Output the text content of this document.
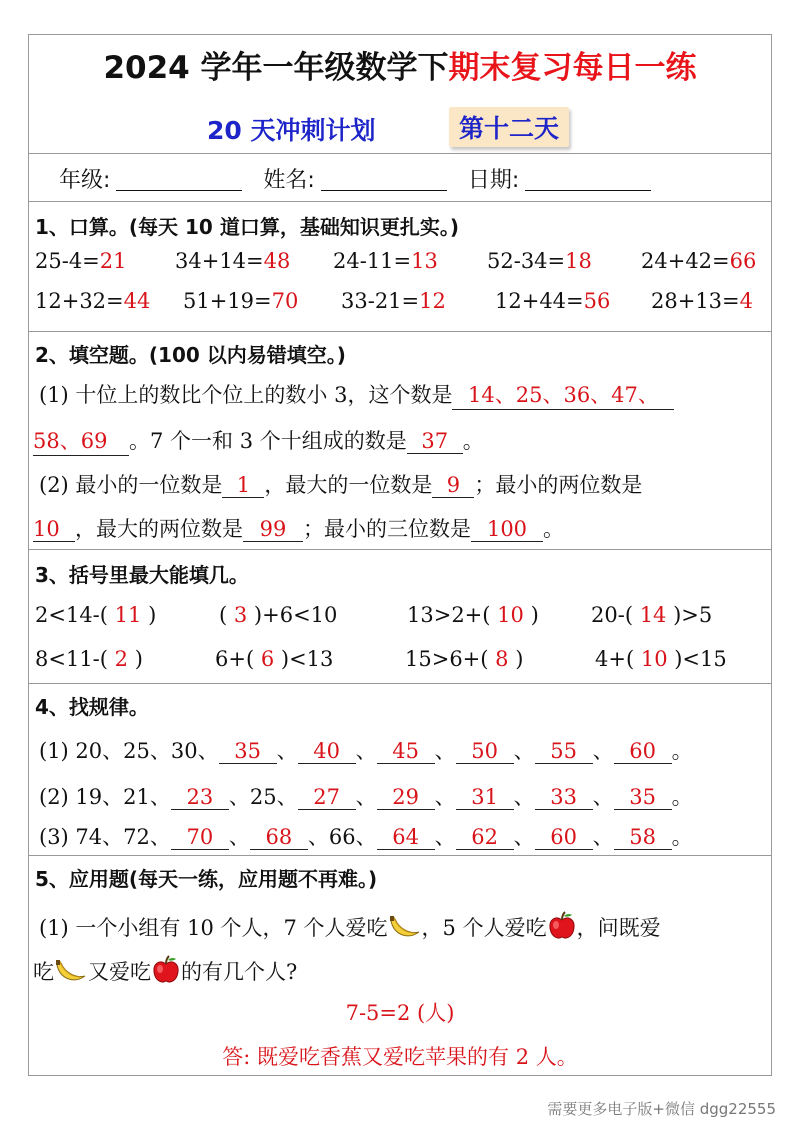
2024 学年一年级数学下期末复习每日一练
20 天冲刺计划	第十二天
年级:	姓名:	日期:
1、口算。(每天 10 道口算，基础知识更扎实。)
25-4=21 34+14=48 24-11=13 52-34=18 24+42=66
12+32=44 51+19=70 33-21=12 12+44=56 28+13=4
2、填空题。(100 以内易错填空。)
(1) 十位上的数比个位上的数小 3，这个数是 14、25、36、47、
58、69 。7 个一和 3 个十组成的数是 37 。
(2) 最小的一位数是 1 ，最大的一位数是 9 ；最小的两位数是
10 ，最大的两位数是 99 ；最小的三位数是 100 。
3、括号里最大能填几。
2<14-( 11 )	( 3 )+6<10	13>2+( 10 ) 20-( 14 )>5
8<11-( 2 )	6+( 6 )<13	15>6+( 8 )	4+( 10 )<15
4、找规律。
(1) 20、25、30、 35 、 40 、 45 、 50 、 55 、 60 。
(2) 19、21、 23 、25、 27 、 29 、 31 、 33 、 35 。
(3) 74、72、 70 、 68 、66、 64 、 62 、 60 、 58 。
5、应用题(每天一练，应用题不再难。)
(1) 一个小组有 10 个人，7 个人爱吃 ，5 个人爱吃 ，问既爱
吃 又爱吃 的有几个人?
7-5=2 (人)
答: 既爱吃香蕉又爱吃苹果的有 2 人。
需要更多电子版+微信 dgg22555
